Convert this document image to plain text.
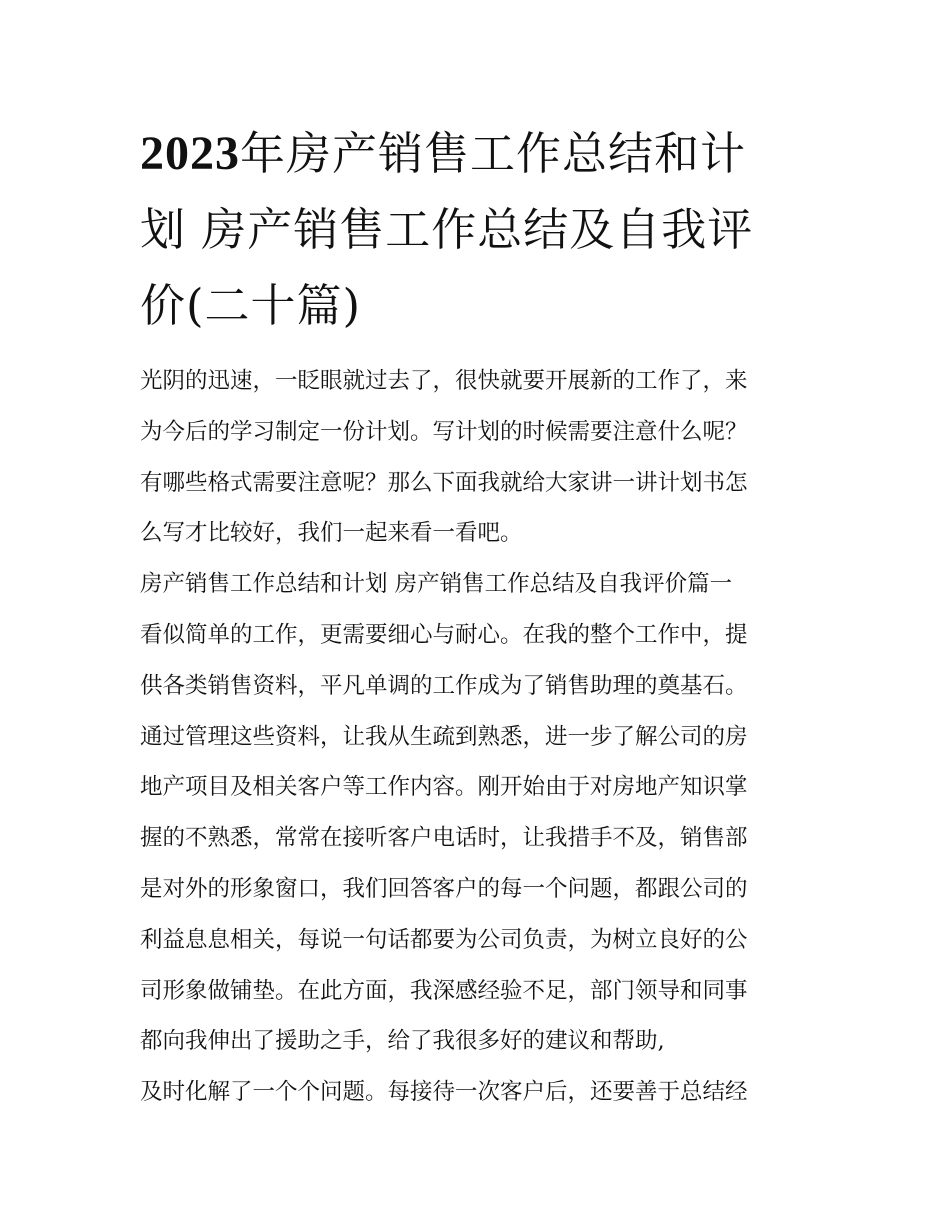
2023年房产销售工作总结和计
划 房产销售工作总结及自我评
价(二十篇)
光阴的迅速，一眨眼就过去了，很快就要开展新的工作了，来
为今后的学习制定一份计划。写计划的时候需要注意什么呢？
有哪些格式需要注意呢？那么下面我就给大家讲一讲计划书怎
么写才比较好，我们一起来看一看吧。
房产销售工作总结和计划 房产销售工作总结及自我评价篇一
看似简单的工作，更需要细心与耐心。在我的整个工作中，提
供各类销售资料，平凡单调的工作成为了销售助理的奠基石。
通过管理这些资料，让我从生疏到熟悉，进一步了解公司的房
地产项目及相关客户等工作内容。刚开始由于对房地产知识掌
握的不熟悉，常常在接听客户电话时，让我措手不及，销售部
是对外的形象窗口，我们回答客户的每一个问题，都跟公司的
利益息息相关，每说一句话都要为公司负责，为树立良好的公
司形象做铺垫。在此方面，我深感经验不足，部门领导和同事
都向我伸出了援助之手，给了我很多好的建议和帮助,
及时化解了一个个问题。每接待一次客户后，还要善于总结经
